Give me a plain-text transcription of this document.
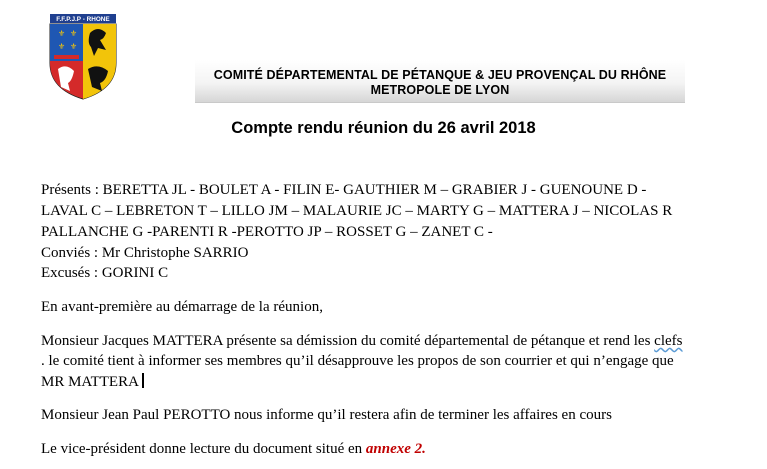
F.F.P.J.P - RHONE
⚜ ⚜
⚜ ⚜
COMITÉ DÉPARTEMENTAL DE PÉTANQUE & JEU PROVENÇAL DU RHÔNE
METROPOLE DE LYON
Compte rendu réunion du 26 avril 2018
Présents : BERETTA JL - BOULET A - FILIN E- GAUTHIER M – GRABIER J - GUENOUNE D -
LAVAL C – LEBRETON T – LILLO JM – MALAURIE JC – MARTY G – MATTERA J – NICOLAS R
PALLANCHE G -PARENTI R -PEROTTO JP – ROSSET G – ZANET C -
Conviés : Mr Christophe SARRIO
Excusés : GORINI C
En avant-première au démarrage de la réunion,
Monsieur Jacques MATTERA présente sa démission du comité départemental de pétanque et rend les clefs
. le comité tient à informer ses membres qu’il désapprouve les propos de son courrier et qui n’engage que
MR MATTERA
Monsieur Jean Paul PEROTTO nous informe qu’il restera afin de terminer les affaires en cours
Le vice-président donne lecture du document situé en annexe 2.
